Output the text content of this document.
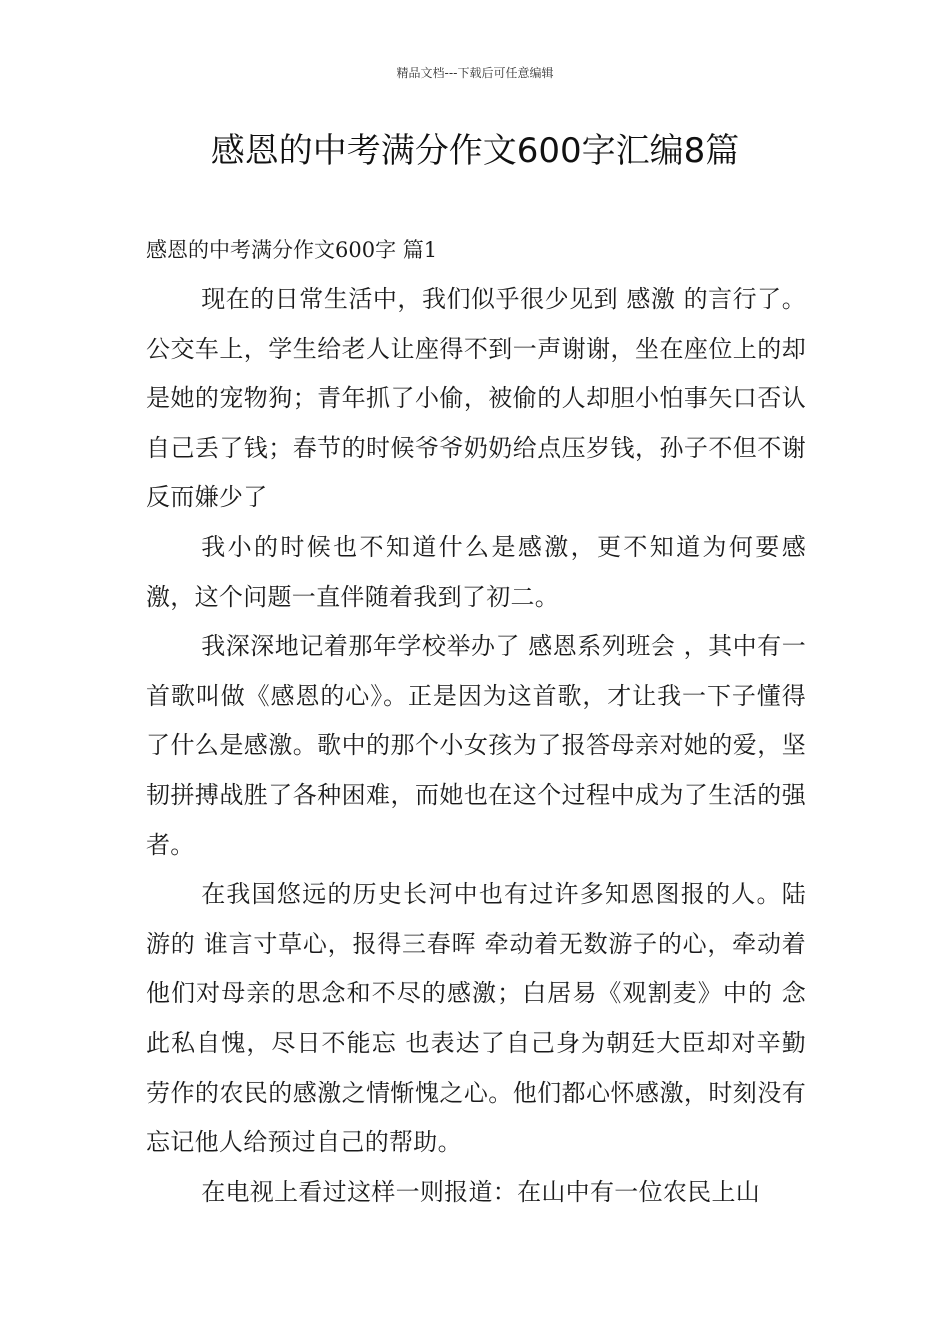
精品文档---下载后可任意编辑
感恩的中考满分作文600字汇编8篇
感恩的中考满分作文600字 篇1

现在的日常生活中，我们似乎很少见到 感激 的言行了。公交车上，学生给老人让座得不到一声谢谢，坐在座位上的却是她的宠物狗；青年抓了小偷，被偷的人却胆小怕事矢口否认自己丢了钱；春节的时候爷爷奶奶给点压岁钱，孙子不但不谢反而嫌少了

我小的时候也不知道什么是感激，更不知道为何要感激，这个问题一直伴随着我到了初二。

我深深地记着那年学校举办了 感恩系列班会 ，其中有一首歌叫做《感恩的心》。正是因为这首歌，才让我一下子懂得了什么是感激。歌中的那个小女孩为了报答母亲对她的爱，坚韧拼搏战胜了各种困难，而她也在这个过程中成为了生活的强者。

在我国悠远的历史长河中也有过许多知恩图报的人。陆游的 谁言寸草心，报得三春晖 牵动着无数游子的心，牵动着他们对母亲的思念和不尽的感激；白居易《观割麦》中的 念此私自愧，尽日不能忘 也表达了自己身为朝廷大臣却对辛勤劳作的农民的感激之情惭愧之心。他们都心怀感激，时刻没有忘记他人给预过自己的帮助。

在电视上看过这样一则报道：在山中有一位农民上山
